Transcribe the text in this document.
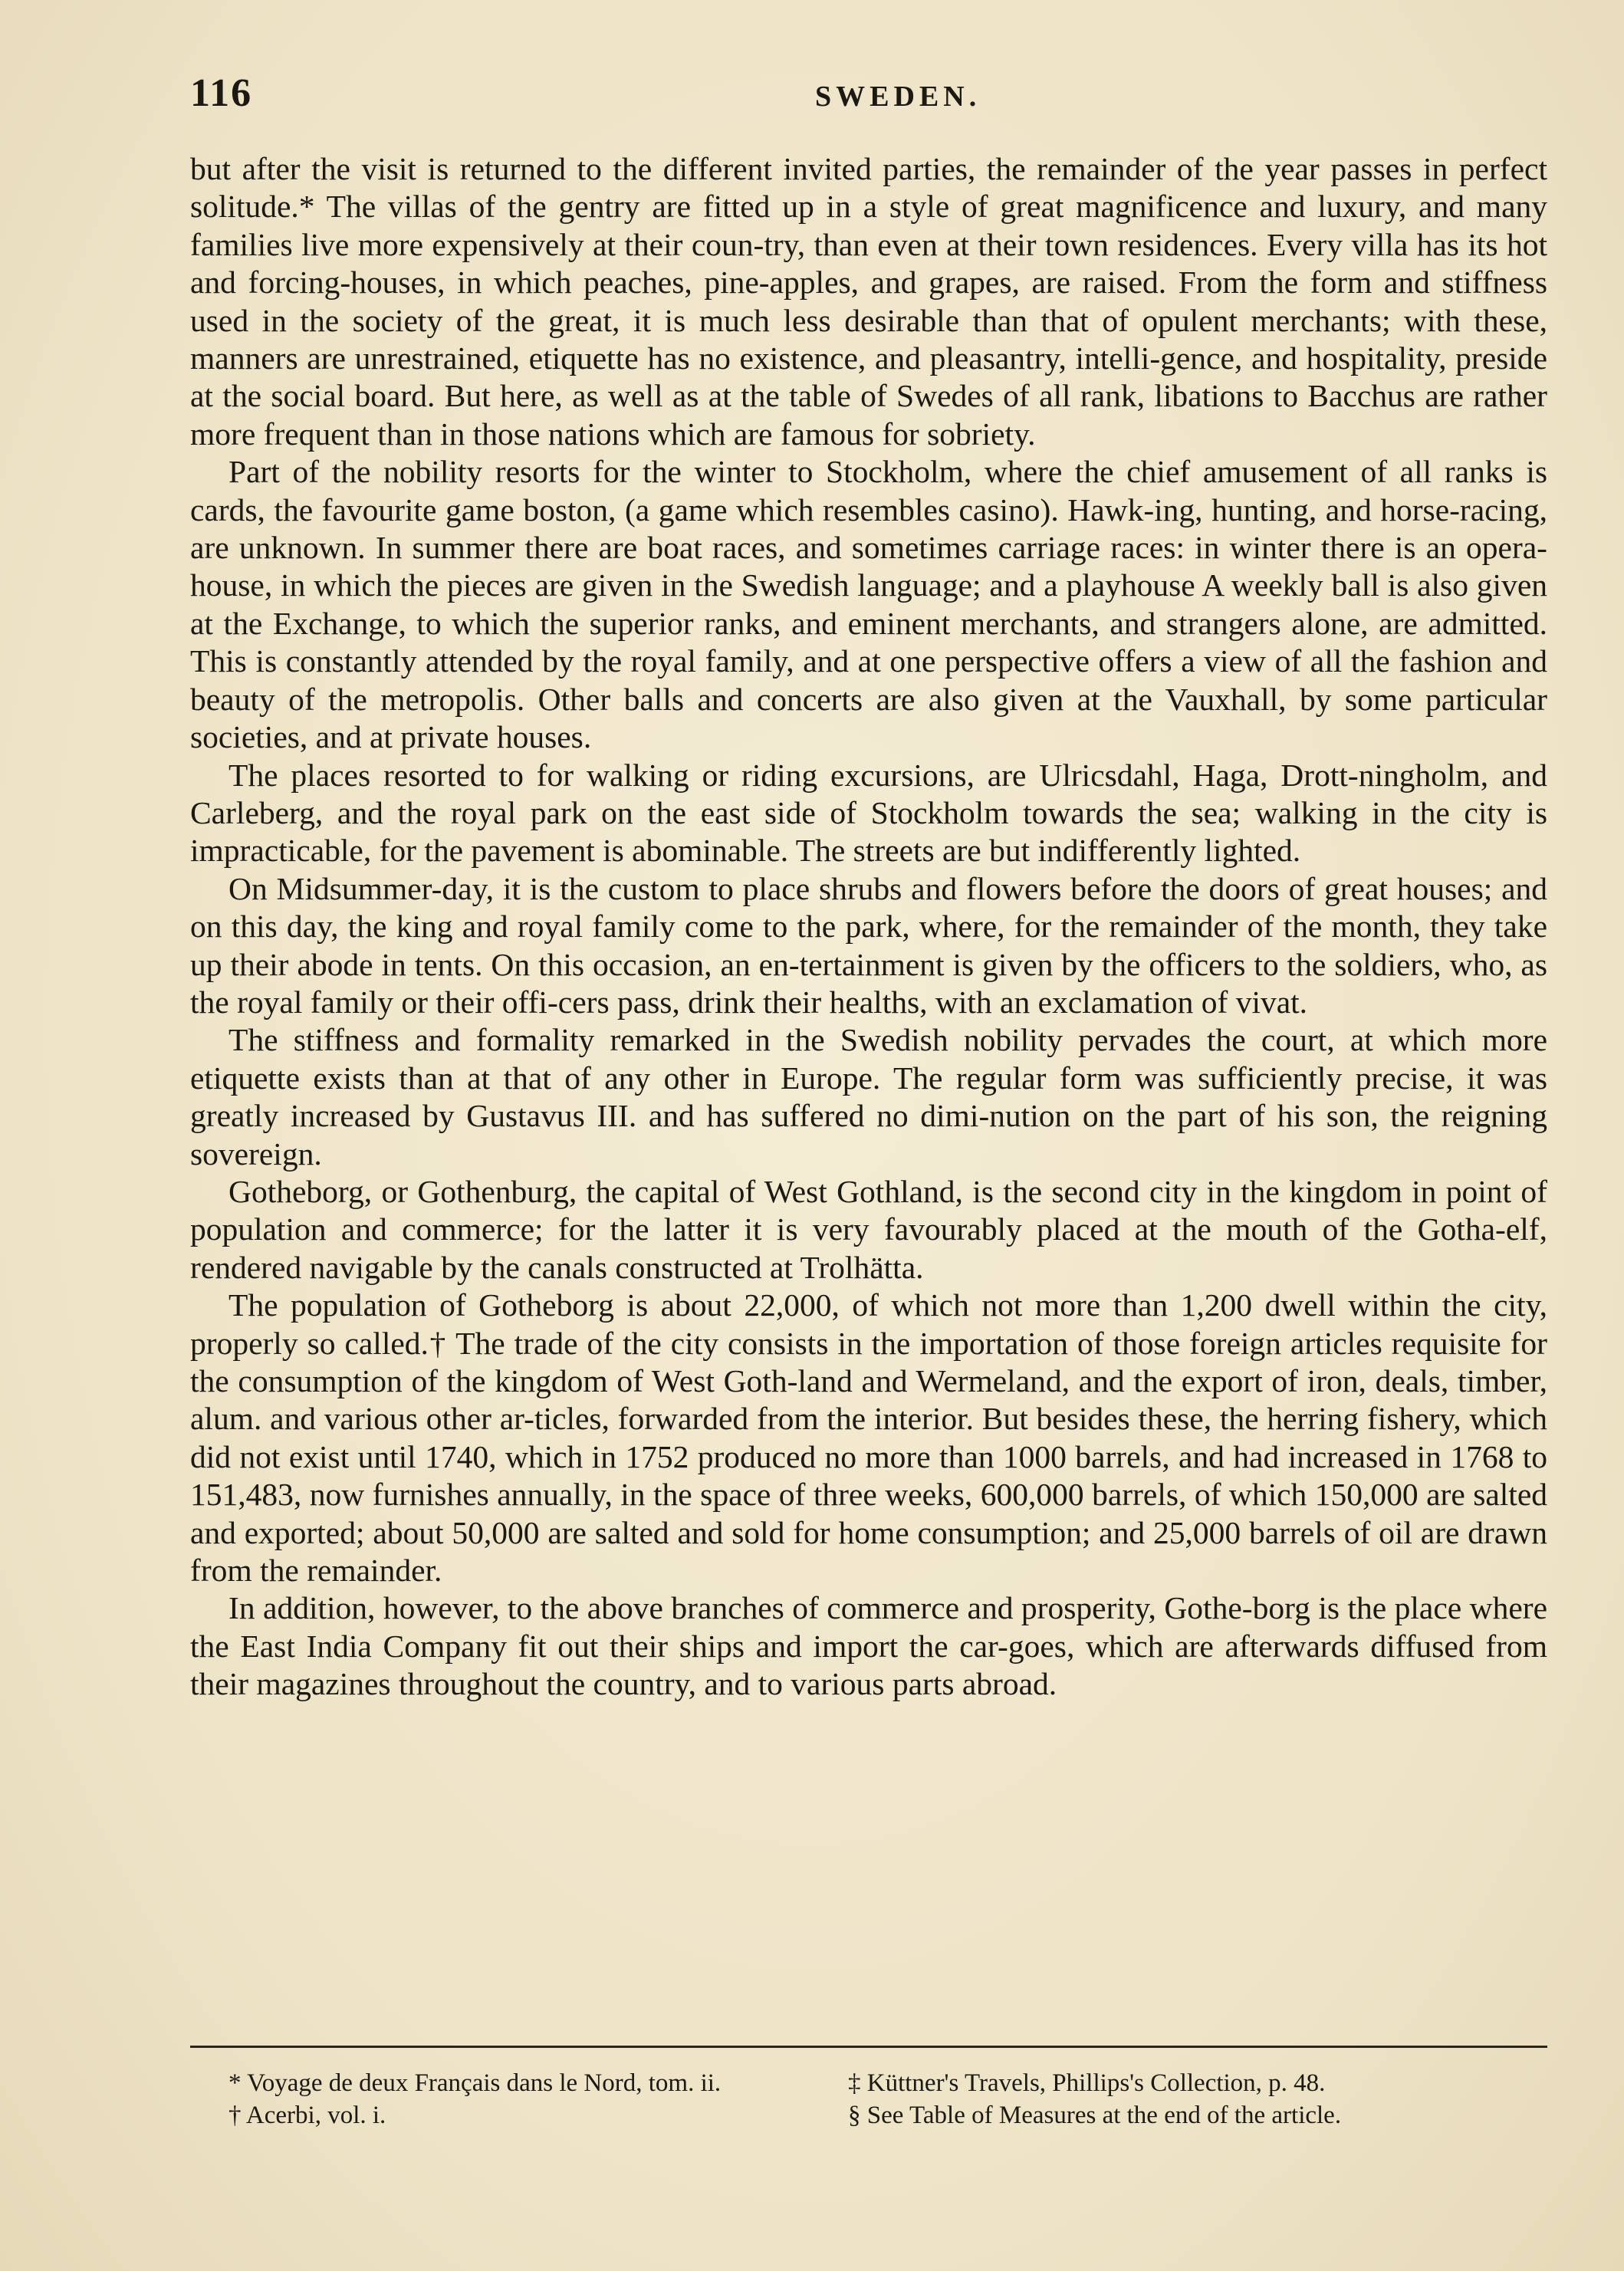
116	SWEDEN.

but after the visit is returned to the different invited parties, the remainder of the year passes in perfect solitude.* The villas of the gentry are fitted up in a style of great magnificence and luxury, and many families live more expensively at their coun-try, than even at their town residences. Every villa has its hot and forcing-houses, in which peaches, pine-apples, and grapes, are raised. From the form and stiffness used in the society of the great, it is much less desirable than that of opulent merchants; with these, manners are unrestrained, etiquette has no existence, and pleasantry, intelli-gence, and hospitality, preside at the social board. But here, as well as at the table of Swedes of all rank, libations to Bacchus are rather more frequent than in those nations which are famous for sobriety.

Part of the nobility resorts for the winter to Stockholm, where the chief amusement of all ranks is cards, the favourite game boston, (a game which resembles casino). Hawk-ing, hunting, and horse-racing, are unknown. In summer there are boat races, and sometimes carriage races: in winter there is an opera-house, in which the pieces are given in the Swedish language; and a playhouse A weekly ball is also given at the Exchange, to which the superior ranks, and eminent merchants, and strangers alone, are admitted. This is constantly attended by the royal family, and at one perspective offers a view of all the fashion and beauty of the metropolis. Other balls and concerts are also given at the Vauxhall, by some particular societies, and at private houses.

The places resorted to for walking or riding excursions, are Ulricsdahl, Haga, Drott-ningholm, and Carleberg, and the royal park on the east side of Stockholm towards the sea; walking in the city is impracticable, for the pavement is abominable. The streets are but indifferently lighted.

On Midsummer-day, it is the custom to place shrubs and flowers before the doors of great houses; and on this day, the king and royal family come to the park, where, for the remainder of the month, they take up their abode in tents. On this occasion, an en-tertainment is given by the officers to the soldiers, who, as the royal family or their offi-cers pass, drink their healths, with an exclamation of vivat.

The stiffness and formality remarked in the Swedish nobility pervades the court, at which more etiquette exists than at that of any other in Europe. The regular form was sufficiently precise, it was greatly increased by Gustavus III. and has suffered no dimi-nution on the part of his son, the reigning sovereign.

Gotheborg, or Gothenburg, the capital of West Gothland, is the second city in the kingdom in point of population and commerce; for the latter it is very favourably placed at the mouth of the Gotha-elf, rendered navigable by the canals constructed at Trolhätta.

The population of Gotheborg is about 22,000, of which not more than 1,200 dwell within the city, properly so called.† The trade of the city consists in the importation of those foreign articles requisite for the consumption of the kingdom of West Goth-land and Wermeland, and the export of iron, deals, timber, alum. and various other ar-ticles, forwarded from the interior. But besides these, the herring fishery, which did not exist until 1740, which in 1752 produced no more than 1000 barrels, and had increased in 1768 to 151,483, now furnishes annually, in the space of three weeks, 600,000 barrels, of which 150,000 are salted and exported; about 50,000 are salted and sold for home consumption; and 25,000 barrels of oil are drawn from the remainder.

In addition, however, to the above branches of commerce and prosperity, Gothe-borg is the place where the East India Company fit out their ships and import the car-goes, which are afterwards diffused from their magazines throughout the country, and to various parts abroad.

* Voyage de deux Français dans le Nord, tom. ii.
† Acerbi, vol. i.
‡ Küttner's Travels, Phillips's Collection, p. 48.
§ See Table of Measures at the end of the article.
